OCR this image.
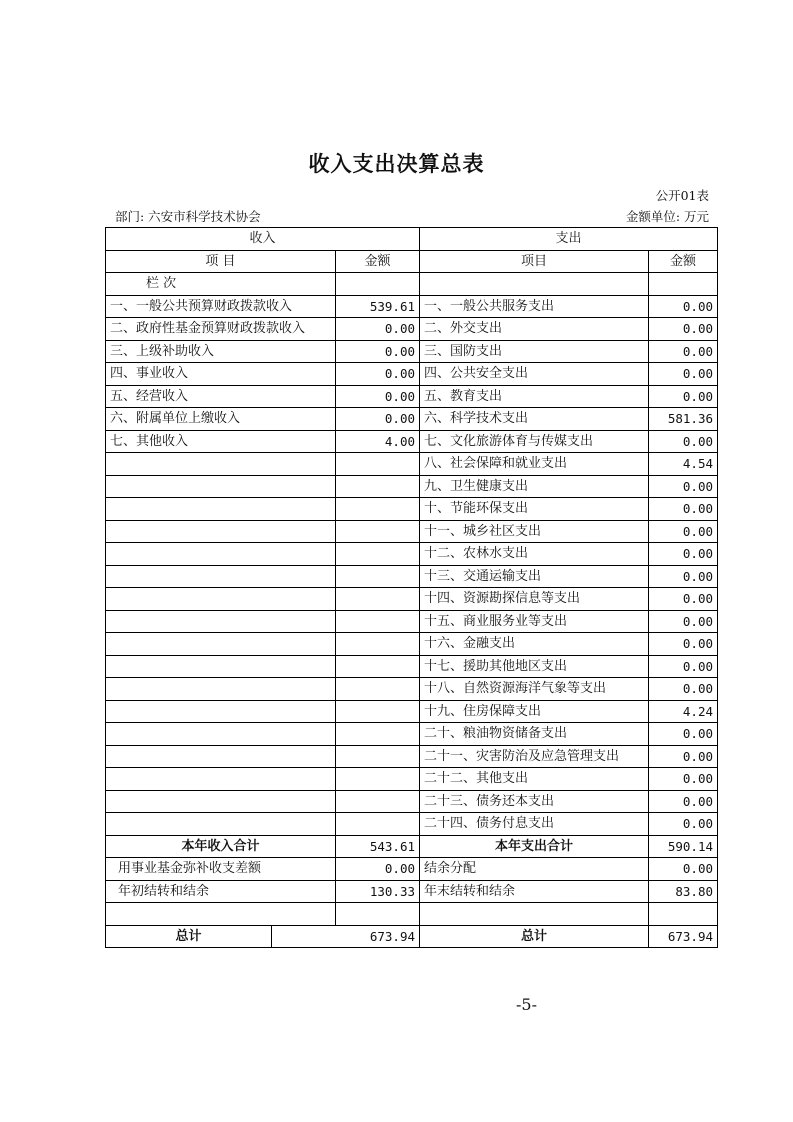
收入支出决算总表
公开01表
部门: 六安市科学技术协会	金额单位: 万元
收入			支出	
项 目		金额	项目	金额
栏 次				
一、一般公共预算财政拨款收入		539.61	一、一般公共服务支出	0.00
二、政府性基金预算财政拨款收入		0.00	二、外交支出	0.00
三、上级补助收入		0.00	三、国防支出	0.00
四、事业收入		0.00	四、公共安全支出	0.00
五、经营收入		0.00	五、教育支出	0.00
六、附属单位上缴收入		0.00	六、科学技术支出	581.36
七、其他收入		4.00	七、文化旅游体育与传媒支出	0.00
			八、社会保障和就业支出	4.54
			九、卫生健康支出	0.00
			十、节能环保支出	0.00
			十一、城乡社区支出	0.00
			十二、农林水支出	0.00
			十三、交通运输支出	0.00
			十四、资源勘探信息等支出	0.00
			十五、商业服务业等支出	0.00
			十六、金融支出	0.00
			十七、援助其他地区支出	0.00
			十八、自然资源海洋气象等支出	0.00
			十九、住房保障支出	4.24
			二十、粮油物资储备支出	0.00
			二十一、灾害防治及应急管理支出	0.00
			二十二、其他支出	0.00
			二十三、债务还本支出	0.00
			二十四、债务付息支出	0.00
本年收入合计		543.61	本年支出合计	590.14
用事业基金弥补收支差额		0.00	结余分配	0.00
年初结转和结余		130.33	年末结转和结余	83.80

总计	673.94		总计	673.94
-5-
